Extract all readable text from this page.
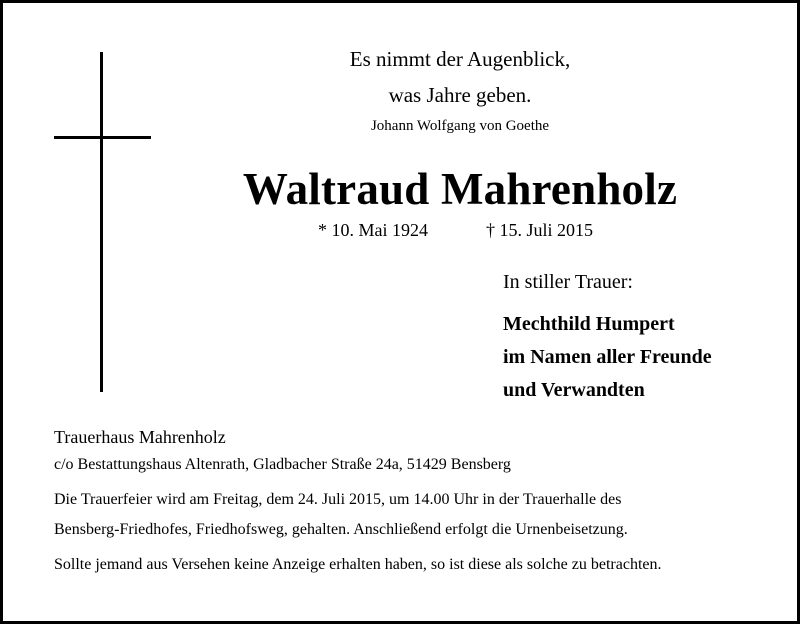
Es nimmt der Augenblick,
was Jahre geben.
Johann Wolfgang von Goethe
Waltraud Mahrenholz
* 10. Mai 1924	† 15. Juli 2015
In stiller Trauer:
Mechthild Humpert
im Namen aller Freunde
und Verwandten
Trauerhaus Mahrenholz
c/o Bestattungshaus Altenrath, Gladbacher Straße 24a, 51429 Bensberg
Die Trauerfeier wird am Freitag, dem 24. Juli 2015, um 14.00 Uhr in der Trauerhalle des
Bensberg-Friedhofes, Friedhofsweg, gehalten. Anschließend erfolgt die Urnenbeisetzung.
Sollte jemand aus Versehen keine Anzeige erhalten haben, so ist diese als solche zu betrachten.
